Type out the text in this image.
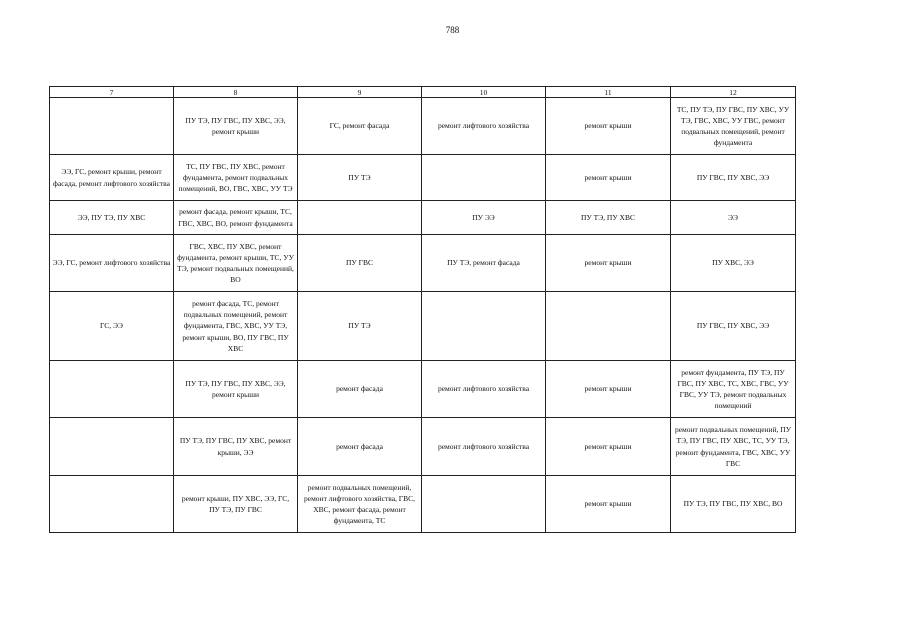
788
7	8	9	10	11	12
	ПУ ТЭ, ПУ ГВС, ПУ ХВС, ЭЭ, ремонт крыши	ГС, ремонт фасада	ремонт лифтового хозяйства	ремонт крыши	ТС, ПУ ТЭ, ПУ ГВС, ПУ ХВС, УУ ТЭ, ГВС, ХВС, УУ ГВС, ремонт подвальных помещений, ремонт фундамента
ЭЭ, ГС, ремонт крыши, ремонт фасада, ремонт лифтового хозяйства	ТС, ПУ ГВС, ПУ ХВС, ремонт фундамента, ремонт подвальных помещений, ВО, ГВС, ХВС, УУ ТЭ	ПУ ТЭ		ремонт крыши	ПУ ГВС, ПУ ХВС, ЭЭ
ЭЭ, ПУ ТЭ, ПУ ХВС	ремонт фасада, ремонт крыши, ТС, ГВС, ХВС, ВО, ремонт фундамента		ПУ ЭЭ	ПУ ТЭ, ПУ ХВС	ЭЭ
ЭЭ, ГС, ремонт лифтового хозяйства	ГВС, ХВС, ПУ ХВС, ремонт фундамента, ремонт крыши, ТС, УУ ТЭ, ремонт подвальных помещений, ВО	ПУ ГВС	ПУ ТЭ, ремонт фасада	ремонт крыши	ПУ ХВС, ЭЭ
ГС, ЭЭ	ремонт фасада, ТС, ремонт подвальных помещений, ремонт фундамента, ГВС, ХВС, УУ ТЭ, ремонт крыши, ВО, ПУ ГВС, ПУ ХВС	ПУ ТЭ			ПУ ГВС, ПУ ХВС, ЭЭ
	ПУ ТЭ, ПУ ГВС, ПУ ХВС, ЭЭ, ремонт крыши	ремонт фасада	ремонт лифтового хозяйства	ремонт крыши	ремонт фундамента, ПУ ТЭ, ПУ ГВС, ПУ ХВС, ТС, ХВС, ГВС, УУ ГВС, УУ ТЭ, ремонт подвальных помещений
	ПУ ТЭ, ПУ ГВС, ПУ ХВС, ремонт крыши, ЭЭ	ремонт фасада	ремонт лифтового хозяйства	ремонт крыши	ремонт подвальных помещений, ПУ ТЭ, ПУ ГВС, ПУ ХВС, ТС, УУ ТЭ, ремонт фундамента, ГВС, ХВС, УУ ГВС
	ремонт крыши, ПУ ХВС, ЭЭ, ГС, ПУ ТЭ, ПУ ГВС	ремонт подвальных помещений, ремонт лифтового хозяйства, ГВС, ХВС, ремонт фасада, ремонт фундамента, ТС		ремонт крыши	ПУ ТЭ, ПУ ГВС, ПУ ХВС, ВО
